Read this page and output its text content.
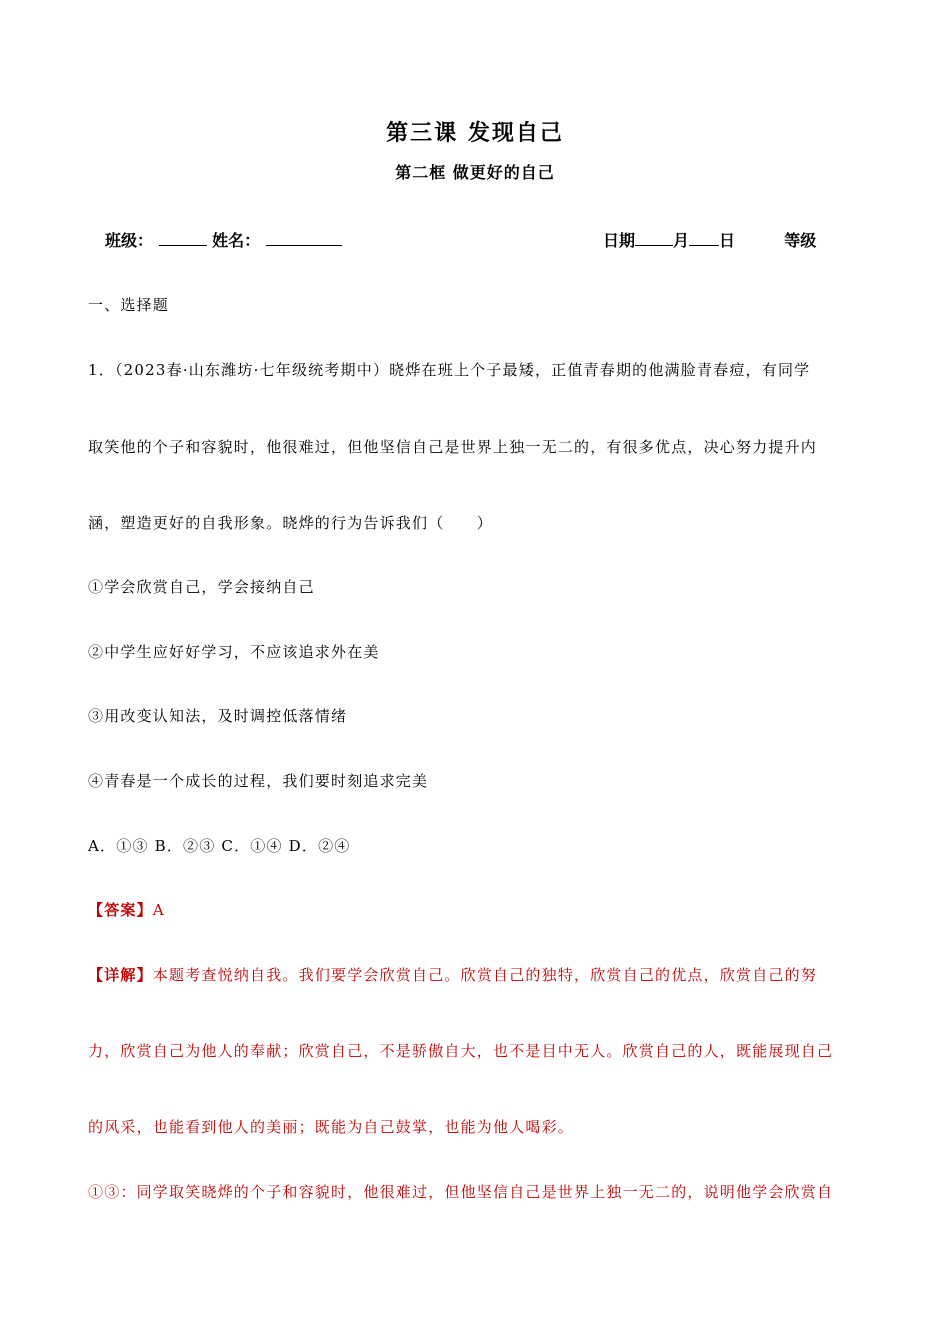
第三课 发现自己
第二框 做更好的自己
班级：	姓名：	日期 月 日	等级
一、选择题
1．（2023春·山东潍坊·七年级统考期中）晓烨在班上个子最矮，正值青春期的他满脸青春痘，有同学
取笑他的个子和容貌时，他很难过，但他坚信自己是世界上独一无二的，有很多优点，决心努力提升内
涵，塑造更好的自我形象。晓烨的行为告诉我们（　　）
①学会欣赏自己，学会接纳自己
②中学生应好好学习，不应该追求外在美
③用改变认知法，及时调控低落情绪
④青春是一个成长的过程，我们要时刻追求完美
A．①③ B．②③ C．①④ D．②④
【答案】A
【详解】本题考查悦纳自我。我们要学会欣赏自己。欣赏自己的独特，欣赏自己的优点，欣赏自己的努
力，欣赏自己为他人的奉献；欣赏自己，不是骄傲自大，也不是目中无人。欣赏自己的人，既能展现自己
的风采，也能看到他人的美丽；既能为自己鼓掌，也能为他人喝彩。
①③：同学取笑晓烨的个子和容貌时，他很难过，但他坚信自己是世界上独一无二的，说明他学会欣赏自
